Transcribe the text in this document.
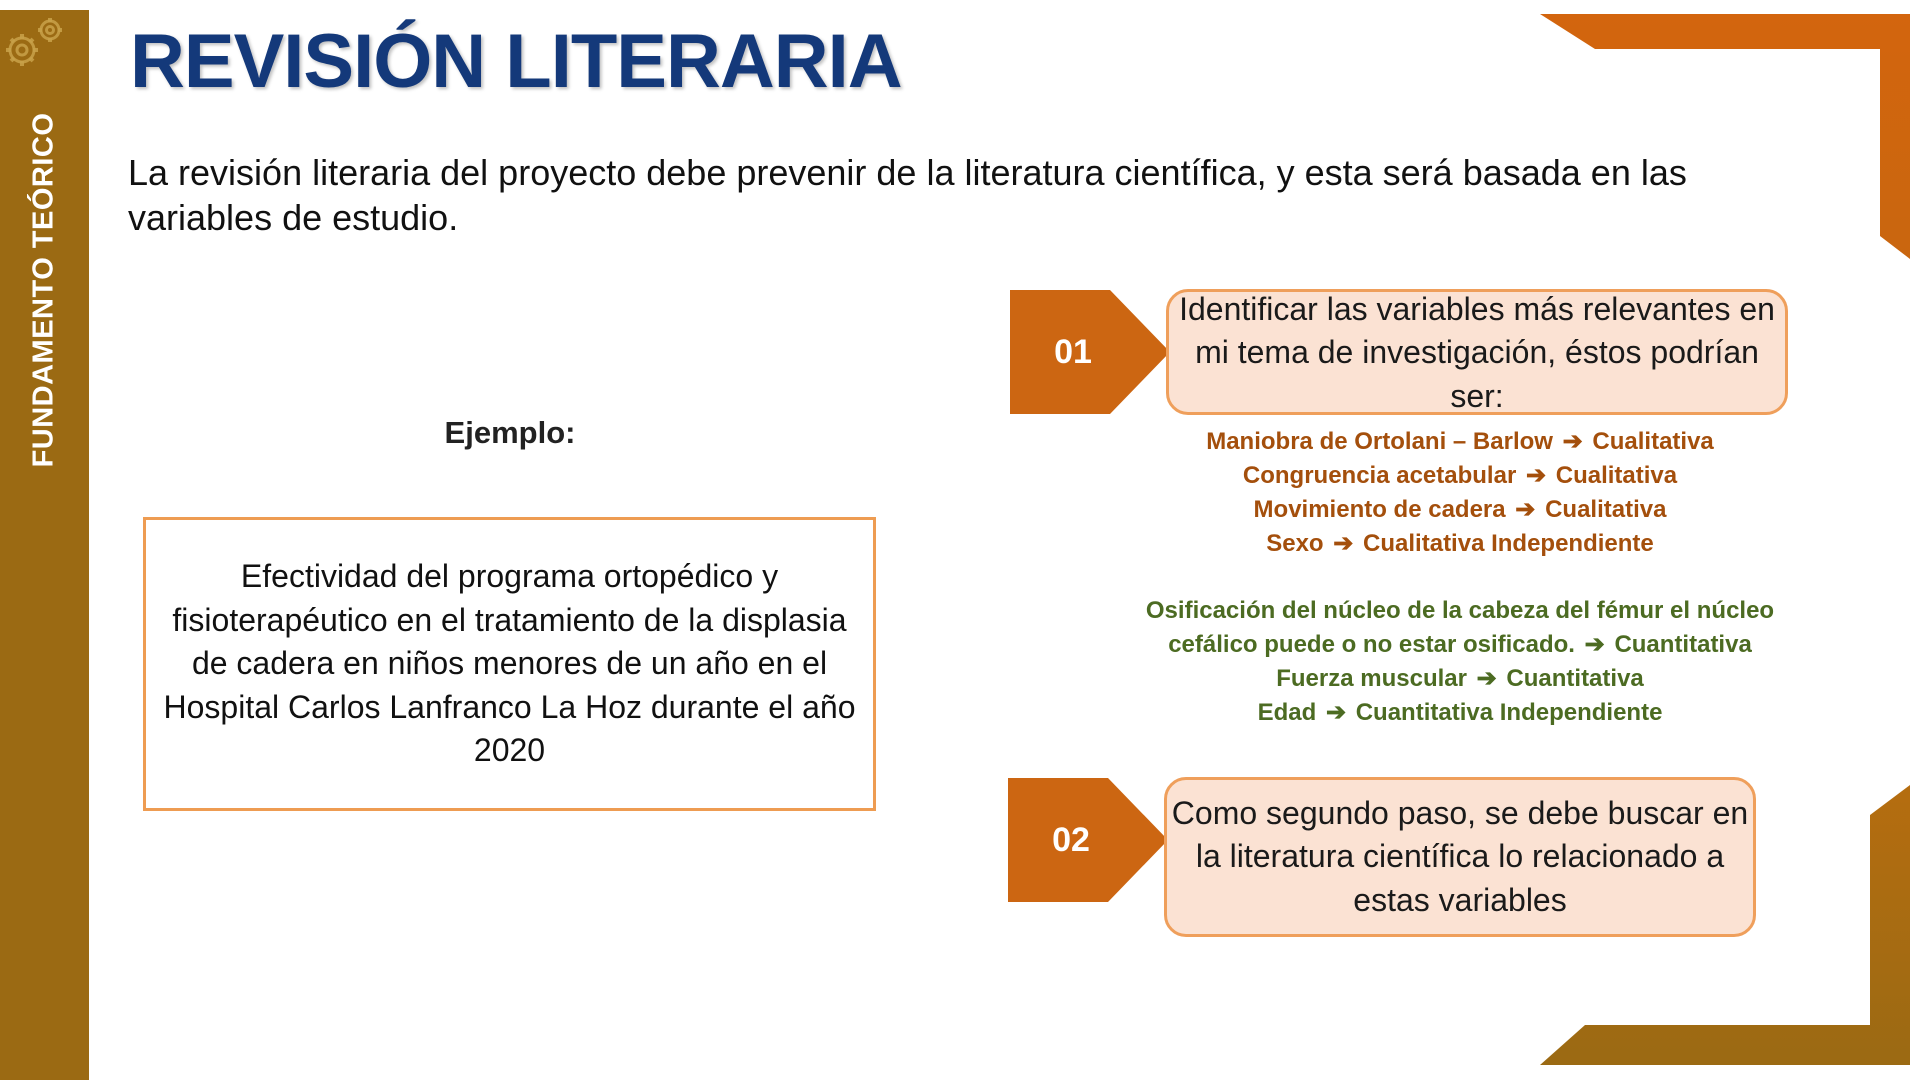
FUNDAMENTO TEÓRICO
REVISIÓN LITERARIA

La revisión literaria del proyecto debe prevenir de la literatura científica, y esta será basada en las variables de estudio.

Ejemplo:
Efectividad del programa ortopédico y fisioterapéutico en el tratamiento de la displasia de cadera en niños menores de un año en el Hospital Carlos Lanfranco La Hoz durante el año 2020
01
Identificar las variables más relevantes en mi tema de investigación, éstos podrían ser:
Maniobra de Ortolani – Barlow ➔ Cualitativa
Congruencia acetabular ➔ Cualitativa
Movimiento de cadera ➔ Cualitativa
Sexo ➔ Cualitativa Independiente
Osificación del núcleo de la cabeza del fémur el núcleo
cefálico puede o no estar osificado. ➔ Cuantitativa
Fuerza muscular ➔ Cuantitativa
Edad ➔ Cuantitativa Independiente
02
Como segundo paso, se debe buscar en la literatura científica lo relacionado a estas variables
